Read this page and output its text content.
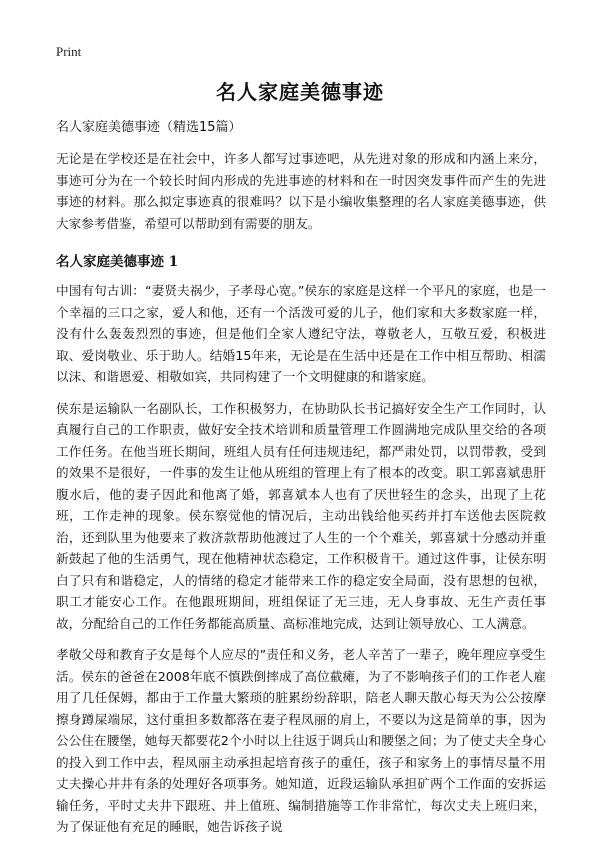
Print
名人家庭美德事迹

名人家庭美德事迹（精选15篇）

无论是在学校还是在社会中，许多人都写过事迹吧，从先进对象的形成和内涵上来分，事迹可分为在一个较长时间内形成的先进事迹的材料和在一时因突发事件而产生的先进事迹的材料。那么拟定事迹真的很难吗？以下是小编收集整理的名人家庭美德事迹，供大家参考借鉴，希望可以帮助到有需要的朋友。

名人家庭美德事迹 1

中国有句古训：“妻贤夫祸少，子孝母心宽。”侯东的家庭是这样一个平凡的家庭，也是一个幸福的三口之家，爱人和他，还有一个活泼可爱的儿子，他们家和大多数家庭一样，没有什么轰轰烈烈的事迹，但是他们全家人遵纪守法，尊敬老人，互敬互爱，积极进取、爱岗敬业、乐于助人。结婚15年来，无论是在生活中还是在工作中相互帮助、相濡以沫、和谐恩爱、相敬如宾，共同构建了一个文明健康的和谐家庭。

侯东是运输队一名副队长，工作积极努力，在协助队长书记搞好安全生产工作同时，认真履行自己的工作职责，做好安全技术培训和质量管理工作圆满地完成队里交给的各项工作任务。在他当班长期间，班组人员有任何违规违纪，都严肃处罚，以罚带教，受到的效果不是很好，一件事的发生让他从班组的管理上有了根本的改变。职工郭喜斌患肝腹水后，他的妻子因此和他离了婚，郭喜斌本人也有了厌世轻生的念头，出现了上花班，工作走神的现象。侯东察觉他的情况后，主动出钱给他买药并打车送他去医院救治，还到队里为他要来了救济款帮助他渡过了人生的一个个难关，郭喜斌十分感动并重新鼓起了他的生活勇气，现在他精神状态稳定，工作积极肯干。通过这件事，让侯东明白了只有和谐稳定，人的情绪的稳定才能带来工作的稳定安全局面，没有思想的包袱，职工才能安心工作。在他跟班期间，班组保证了无三违，无人身事故、无生产责任事故，分配给自己的工作任务都能高质量、高标准地完成，达到让领导放心、工人满意。

孝敬父母和教育子女是每个人应尽的”责任和义务，老人辛苦了一辈子，晚年理应享受生活。侯东的爸爸在2008年底不慎跌倒摔成了高位截瘫，为了不影响孩子们的工作老人雇用了几任保姆，都由于工作量大繁琐的脏累纷纷辞职，陪老人聊天散心每天为公公按摩擦身蹲屎端尿，这付重担多数都落在妻子程凤丽的肩上，不要以为这是简单的事，因为公公住在腰堡，她每天都要花2个小时以上往返于调兵山和腰堡之间；为了使丈夫全身心的投入到工作中去，程凤丽主动承担起培育孩子的重任，孩子和家务上的事情尽量不用丈夫操心井井有条的处理好各项事务。她知道，近段运输队承担矿两个工作面的安拆运输任务，平时丈夫井下跟班、井上值班、编制措施等工作非常忙，每次丈夫上班归来，为了保证他有充足的睡眠，她告诉孩子说
